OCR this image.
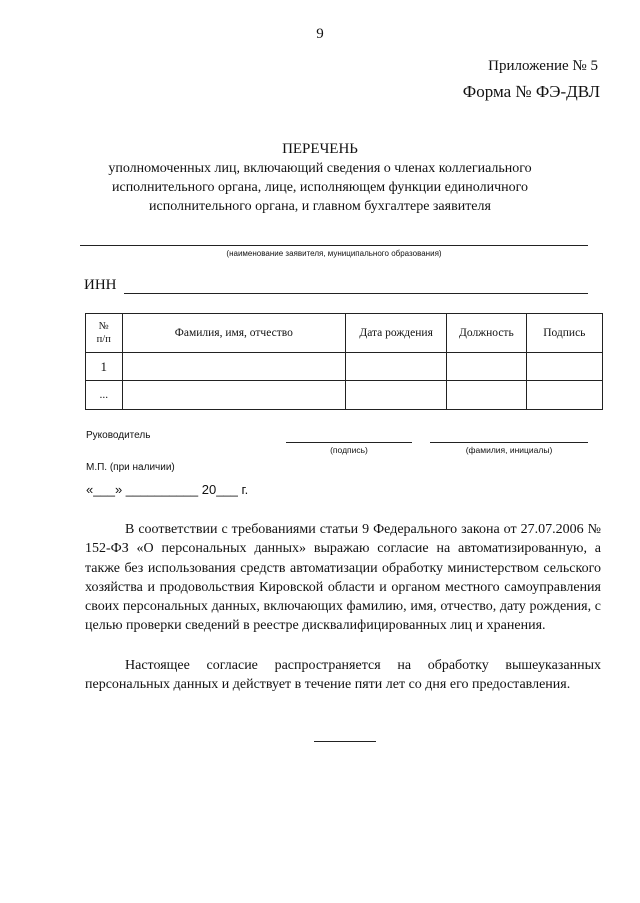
9
Приложение № 5
Форма № ФЭ-ДВЛ
ПЕРЕЧЕНЬ
уполномоченных лиц, включающий сведения о членах коллегиального
исполнительного органа, лице, исполняющем функции единоличного
исполнительного органа, и главном бухгалтере заявителя
(наименование заявителя, муниципального образования)
ИНН
№
п/п	Фамилия, имя, отчество	Дата рождения	Должность	Подпись
1				
...				
Руководитель
(подпись)	(фамилия, инициалы)
М.П. (при наличии)
«___» __________ 20___ г.
В соответствии с требованиями статьи 9 Федерального закона от 27.07.2006 № 152-ФЗ «О персональных данных» выражаю согласие на автоматизированную, а также без использования средств автоматизации обработку министерством сельского хозяйства и продовольствия Кировской области и органом местного самоуправления своих персональных данных, включающих фамилию, имя, отчество, дату рождения, с целью проверки сведений в реестре дисквалифицированных лиц и хранения.
Настоящее согласие распространяется на обработку вышеуказанных персональных данных и действует в течение пяти лет со дня его предоставления.
